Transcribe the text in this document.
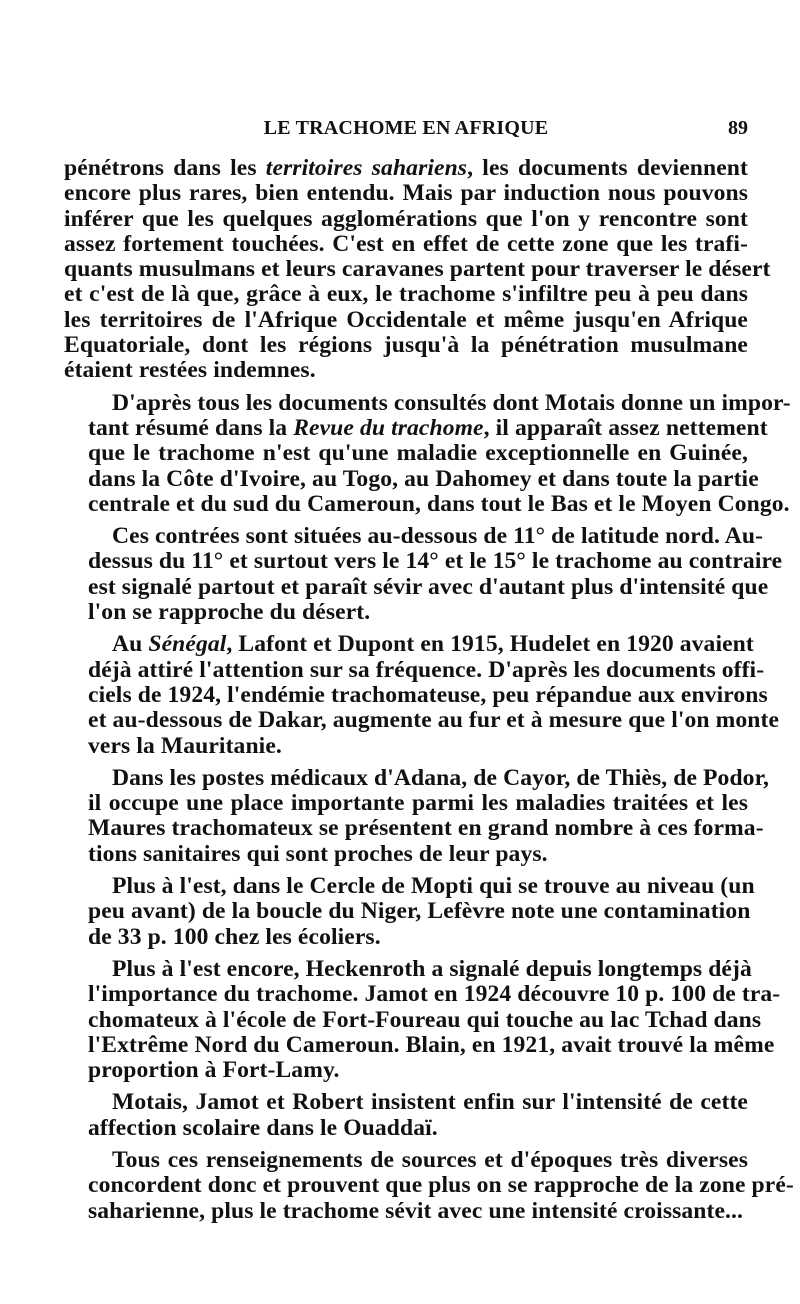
LE TRACHOME EN AFRIQUE	89
pénétrons dans les territoires sahariens, les documents deviennent
encore plus rares, bien entendu. Mais par induction nous pouvons
inférer que les quelques agglomérations que l'on y rencontre sont
assez fortement touchées. C'est en effet de cette zone que les trafi-
quants musulmans et leurs caravanes partent pour traverser le désert
et c'est de là que, grâce à eux, le trachome s'infiltre peu à peu dans
les territoires de l'Afrique Occidentale et même jusqu'en Afrique
Equatoriale, dont les régions jusqu'à la pénétration musulmane
étaient restées indemnes.
D'après tous les documents consultés dont Motais donne un impor-
tant résumé dans la Revue du trachome, il apparaît assez nettement
que le trachome n'est qu'une maladie exceptionnelle en Guinée,
dans la Côte d'Ivoire, au Togo, au Dahomey et dans toute la partie
centrale et du sud du Cameroun, dans tout le Bas et le Moyen Congo.
Ces contrées sont situées au-dessous de 11° de latitude nord. Au-
dessus du 11° et surtout vers le 14° et le 15° le trachome au contraire
est signalé partout et paraît sévir avec d'autant plus d'intensité que
l'on se rapproche du désert.
Au Sénégal, Lafont et Dupont en 1915, Hudelet en 1920 avaient
déjà attiré l'attention sur sa fréquence. D'après les documents offi-
ciels de 1924, l'endémie trachomateuse, peu répandue aux environs
et au-dessous de Dakar, augmente au fur et à mesure que l'on monte
vers la Mauritanie.
Dans les postes médicaux d'Adana, de Cayor, de Thiès, de Podor,
il occupe une place importante parmi les maladies traitées et les
Maures trachomateux se présentent en grand nombre à ces forma-
tions sanitaires qui sont proches de leur pays.
Plus à l'est, dans le Cercle de Mopti qui se trouve au niveau (un
peu avant) de la boucle du Niger, Lefèvre note une contamination
de 33 p. 100 chez les écoliers.
Plus à l'est encore, Heckenroth a signalé depuis longtemps déjà
l'importance du trachome. Jamot en 1924 découvre 10 p. 100 de tra-
chomateux à l'école de Fort-Foureau qui touche au lac Tchad dans
l'Extrême Nord du Cameroun. Blain, en 1921, avait trouvé la même
proportion à Fort-Lamy.
Motais, Jamot et Robert insistent enfin sur l'intensité de cette
affection scolaire dans le Ouaddaï.
Tous ces renseignements de sources et d'époques très diverses
concordent donc et prouvent que plus on se rapproche de la zone pré-
saharienne, plus le trachome sévit avec une intensité croissante...
